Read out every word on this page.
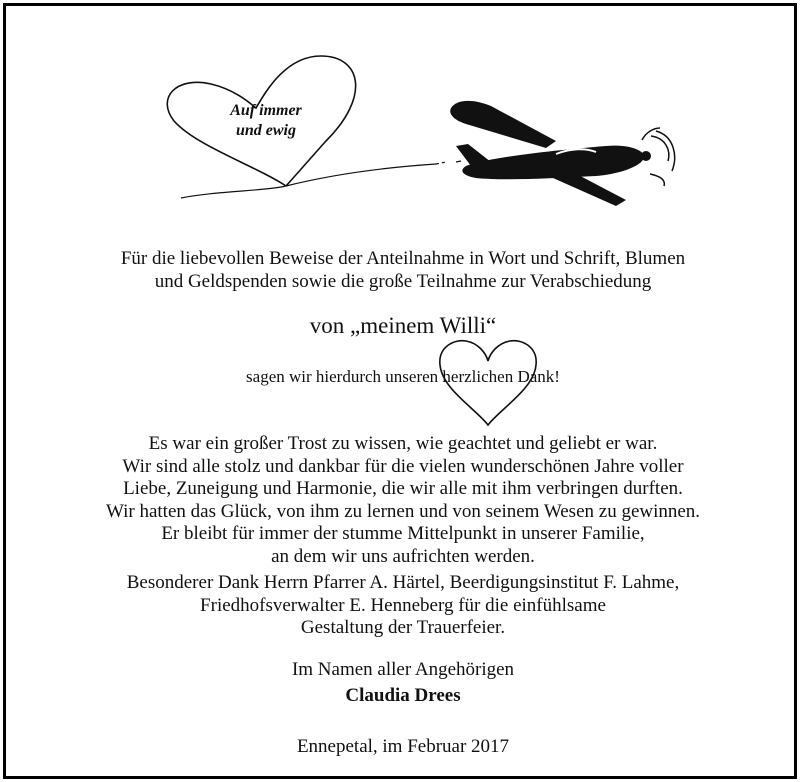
Auf immer
und ewig
Für die liebevollen Beweise der Anteilnahme in Wort und Schrift, Blumen
und Geldspenden sowie die große Teilnahme zur Verabschiedung
von „meinem Willi“
sagen wir hierdurch unseren herzlichen Dank!
Es war ein großer Trost zu wissen, wie geachtet und geliebt er war.
Wir sind alle stolz und dankbar für die vielen wunderschönen Jahre voller
Liebe, Zuneigung und Harmonie, die wir alle mit ihm verbringen durften.
Wir hatten das Glück, von ihm zu lernen und von seinem Wesen zu gewinnen.
Er bleibt für immer der stumme Mittelpunkt in unserer Familie,
an dem wir uns aufrichten werden.
Besonderer Dank Herrn Pfarrer A. Härtel, Beerdigungsinstitut F. Lahme,
Friedhofsverwalter E. Henneberg für die einfühlsame
Gestaltung der Trauerfeier.
Im Namen aller Angehörigen
Claudia Drees
Ennepetal, im Februar 2017
